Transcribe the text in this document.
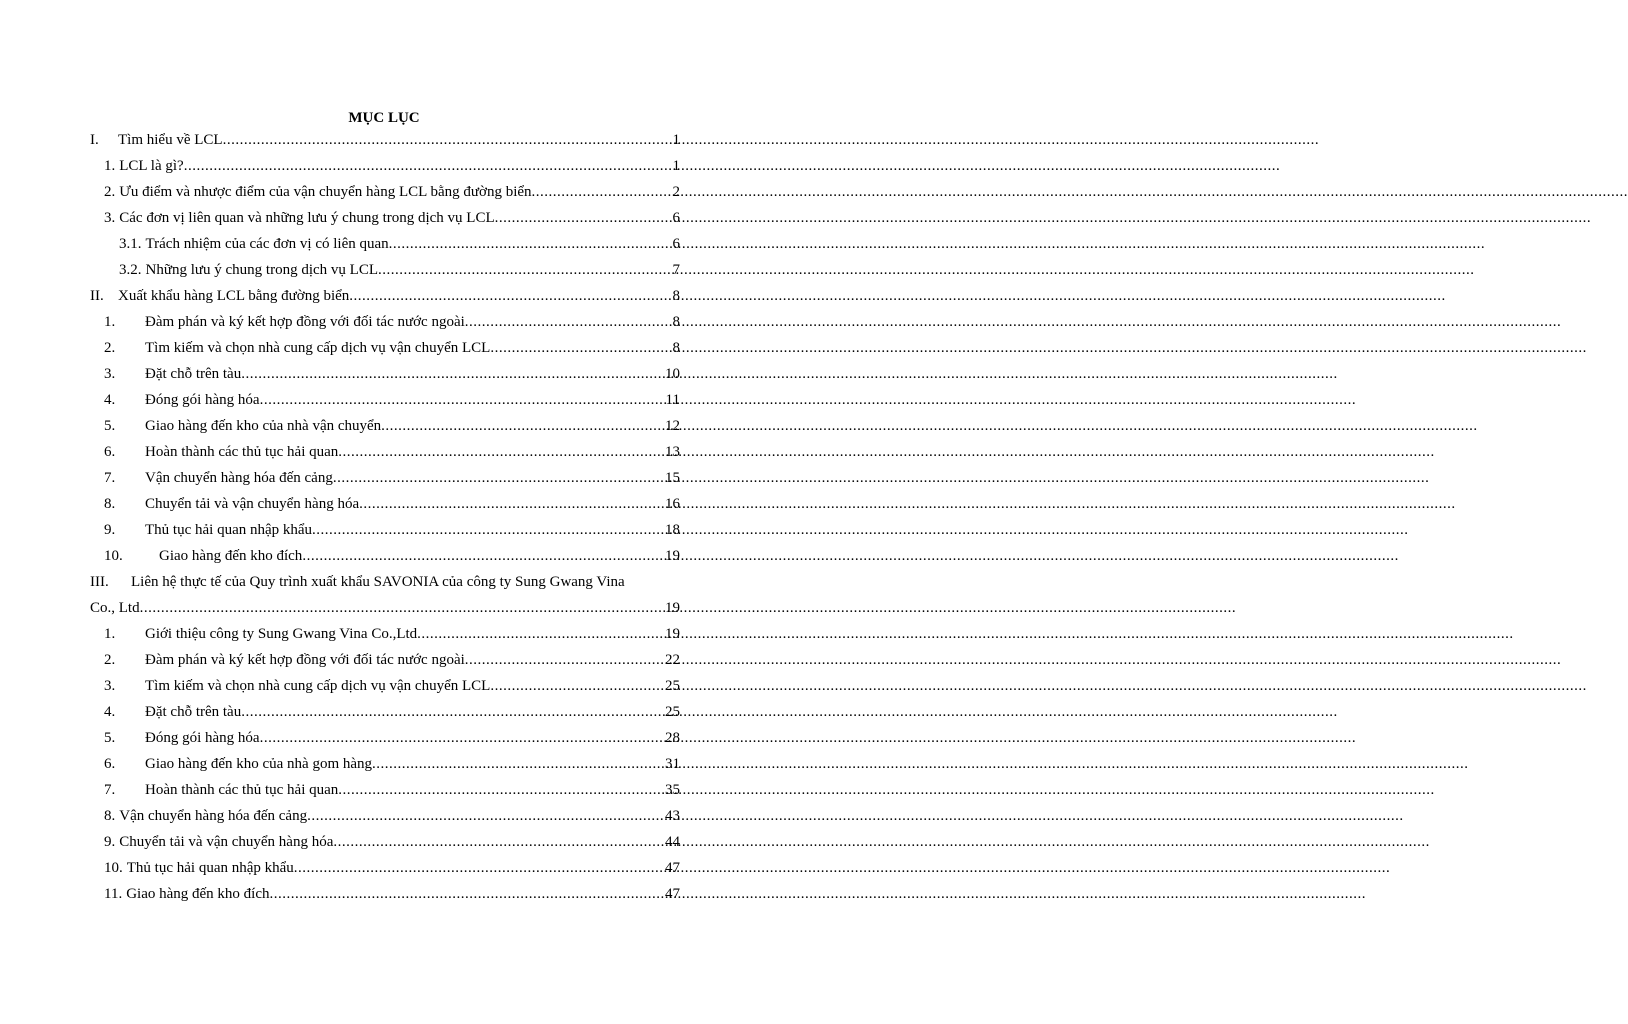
MỤC LỤC
I.	Tìm hiểu về LCL .....	1
1. LCL là gì? .....	1
2. Ưu điểm và nhược điểm của vận chuyển hàng LCL bằng đường biển .....	2
3. Các đơn vị liên quan và những lưu ý chung trong dịch vụ LCL .....	6
3.1. Trách nhiệm của các đơn vị có liên quan .....	6
3.2. Những lưu ý chung trong dịch vụ LCL .....	7
II. Xuất khẩu hàng LCL bằng đường biển .....	8
1.	Đàm phán và ký kết hợp đồng với đối tác nước ngoài .....	8
2.	Tìm kiếm và chọn nhà cung cấp dịch vụ vận chuyển LCL .....	8
3.	Đặt chỗ trên tàu .....	10
4.	Đóng gói hàng hóa .....	11
5.	Giao hàng đến kho của nhà vận chuyển .....	12
6.	Hoàn thành các thủ tục hải quan .....	13
7.	Vận chuyển hàng hóa đến cảng .....	15
8.	Chuyển tải và vận chuyển hàng hóa .....	16
9.	Thủ tục hải quan nhập khẩu .....	18
10.	Giao hàng đến kho đích .....	19
III.	Liên hệ thực tế của Quy trình xuất khẩu SAVONIA của công ty Sung Gwang Vina
Co., Ltd .....	19
1.	Giới thiệu công ty Sung Gwang Vina Co.,Ltd .....	19
2.	Đàm phán và ký kết hợp đồng với đối tác nước ngoài .....	22
3.	Tìm kiếm và chọn nhà cung cấp dịch vụ vận chuyển LCL .....	25
4.	Đặt chỗ trên tàu .....	25
5.	Đóng gói hàng hóa .....	28
6.	Giao hàng đến kho của nhà gom hàng .....	31
7.	Hoàn thành các thủ tục hải quan .....	35
8. Vận chuyển hàng hóa đến cảng .....	43
9. Chuyển tải và vận chuyển hàng hóa .....	44
10. Thủ tục hải quan nhập khẩu .....	47
11. Giao hàng đến kho đích .....	47
